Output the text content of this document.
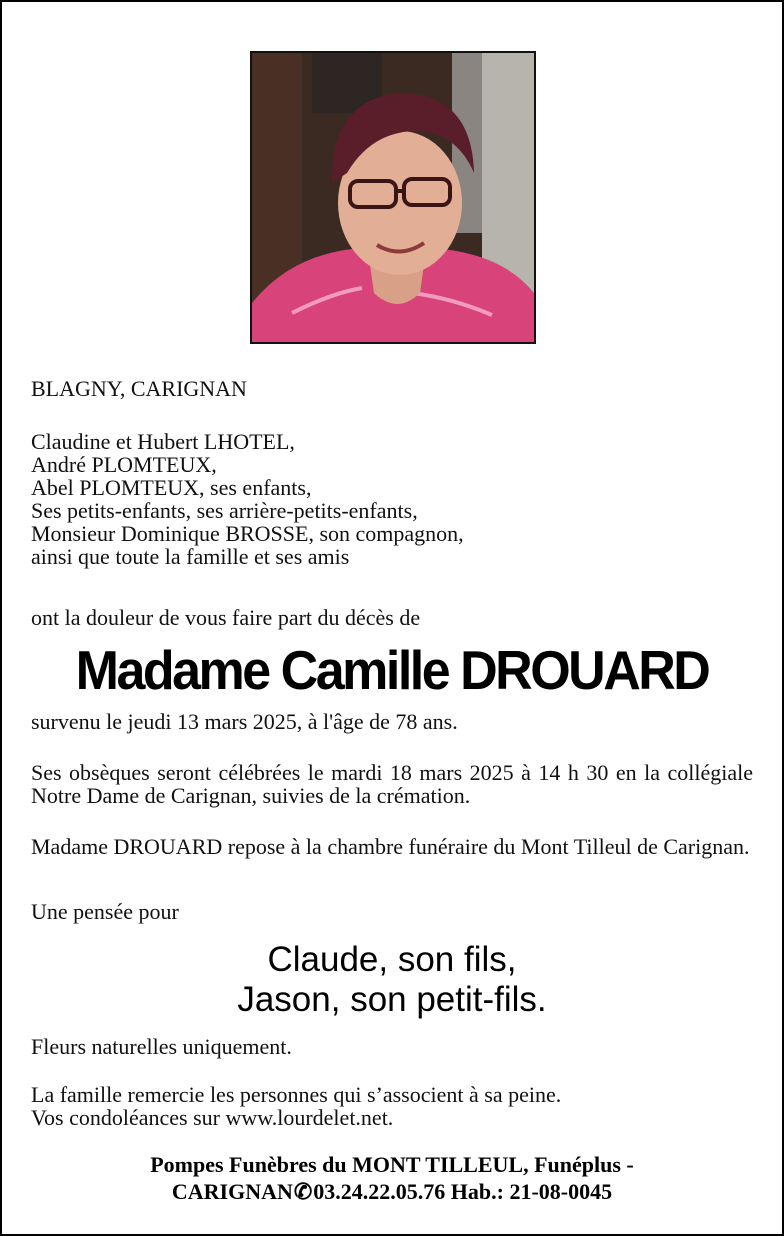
BLAGNY, CARIGNAN
Claudine et Hubert LHOTEL,
André PLOMTEUX,
Abel PLOMTEUX, ses enfants,
Ses petits-enfants, ses arrière-petits-enfants,
Monsieur Dominique BROSSE, son compagnon,
ainsi que toute la famille et ses amis
ont la douleur de vous faire part du décès de
Madame Camille DROUARD
survenu le jeudi 13 mars 2025, à l'âge de 78 ans.
Ses obsèques seront célébrées le mardi 18 mars 2025 à 14 h 30 en la collégiale Notre Dame de Carignan, suivies de la crémation.
Madame DROUARD repose à la chambre funéraire du Mont Tilleul de Carignan.
Une pensée pour
Claude, son fils,
Jason, son petit-fils.
Fleurs naturelles uniquement.
La famille remercie les personnes qui s’associent à sa peine.
Vos condoléances sur www.lourdelet.net.
Pompes Funèbres du MONT TILLEUL, Funéplus -
CARIGNAN✆03.24.22.05.76 Hab.: 21-08-0045
